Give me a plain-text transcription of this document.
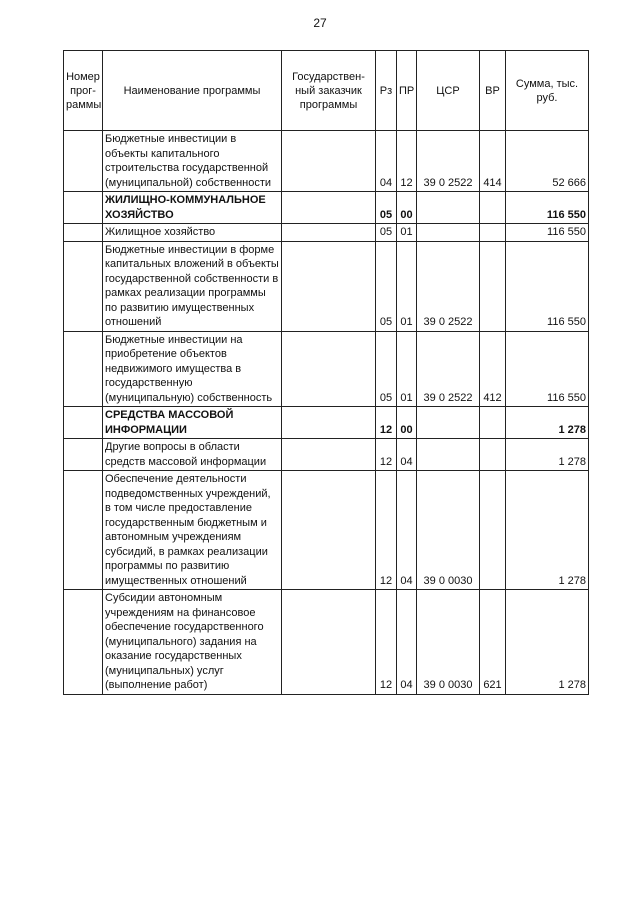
27
Номер прог-раммы	Наименование программы	Государствен-ный заказчик программы	Рз	ПР	ЦСР	ВР	Сумма, тыс. руб.
	Бюджетные инвестиции в объекты капитального строительства государственной (муниципальной) собственности		04	12	39 0 2522	414	52 666
	ЖИЛИЩНО-КОММУНАЛЬНОЕ ХОЗЯЙСТВО		05	00			116 550
	Жилищное хозяйство		05	01			116 550
	Бюджетные инвестиции в форме капитальных вложений в объекты государственной собственности в рамках реализации программы по развитию имущественных отношений		05	01	39 0 2522		116 550
	Бюджетные инвестиции на приобретение объектов недвижимого имущества в государственную (муниципальную) собственность		05	01	39 0 2522	412	116 550
	СРЕДСТВА МАССОВОЙ ИНФОРМАЦИИ		12	00			1 278
	Другие вопросы в области средств массовой информации		12	04			1 278
	Обеспечение деятельности подведомственных учреждений, в том числе предоставление государственным бюджетным и автономным учреждениям субсидий, в рамках реализации программы по развитию имущественных отношений		12	04	39 0 0030		1 278
	Субсидии автономным учреждениям на финансовое обеспечение государственного (муниципального) задания на оказание государственных (муниципальных) услуг (выполнение работ)		12	04	39 0 0030	621	1 278
